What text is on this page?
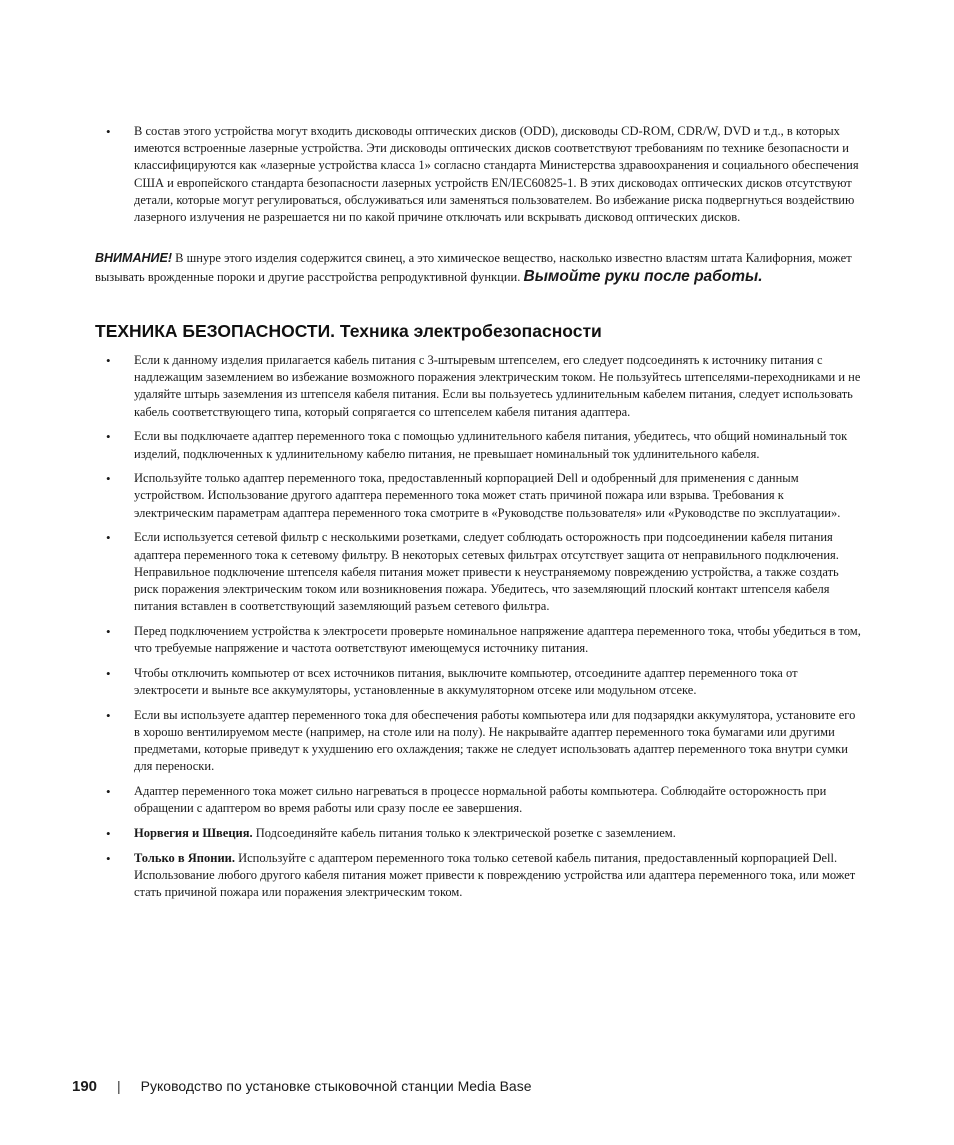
• В состав этого устройства могут входить дисководы оптических дисков (ODD), дисководы CD-ROM, CDR/W, DVD и т.д., в которых имеются встроенные лазерные устройства. Эти дисководы оптических дисков соответствуют требованиям по технике безопасности и классифицируются как «лазерные устройства класса 1» согласно стандарта Министерства здравоохранения и социального обеспечения США и европейского стандарта безопасности лазерных устройств EN/IEC60825-1. В этих дисководах оптических дисков отсутствуют детали, которые могут регулироваться, обслуживаться или заменяться пользователем. Во избежание риска подвергнуться воздействию лазерного излучения не разрешается ни по какой причине отключать или вскрывать дисковод оптических дисков.
ВНИМАНИЕ! В шнуре этого изделия содержится свинец, а это химическое вещество, насколько известно властям штата Калифорния, может вызывать врожденные пороки и другие расстройства репродуктивной функции. Вымойте руки после работы.
ТЕХНИКА БЕЗОПАСНОСТИ. Техника электробезопасности
• Если к данному изделия прилагается кабель питания с 3-штыревым штепселем, его следует подсоединять к источнику питания с надлежащим заземлением во избежание возможного поражения электрическим током. Не пользуйтесь штепселями-переходниками и не удаляйте штырь заземления из штепселя кабеля питания. Если вы пользуетесь удлинительным кабелем питания, следует использовать кабель соответствующего типа, который сопрягается со штепселем кабеля питания адаптера.
• Если вы подключаете адаптер переменного тока с помощью удлинительного кабеля питания, убедитесь, что общий номинальный ток изделий, подключенных к удлинительному кабелю питания, не превышает номинальный ток удлинительного кабеля.
• Используйте только адаптер переменного тока, предоставленный корпорацией Dell и одобренный для применения с данным устройством. Использование другого адаптера переменного тока может стать причиной пожара или взрыва. Требования к электрическим параметрам адаптера переменного тока смотрите в «Руководстве пользователя» или «Руководстве по эксплуатации».
• Если используется сетевой фильтр с несколькими розетками, следует соблюдать осторожность при подсоединении кабеля питания адаптера переменного тока к сетевому фильтру. В некоторых сетевых фильтрах отсутствует защита от неправильного подключения. Неправильное подключение штепселя кабеля питания может привести к неустраняемому повреждению устройства, а также создать риск поражения электрическим током или возникновения пожара. Убедитесь, что заземляющий плоский контакт штепселя кабеля питания вставлен в соответствующий заземляющий разъем сетевого фильтра.
• Перед подключением устройства к электросети проверьте номинальное напряжение адаптера переменного тока, чтобы убедиться в том, что требуемые напряжение и частота оответствуют имеющемуся источнику питания.
• Чтобы отключить компьютер от всех источников питания, выключите компьютер, отсоедините адаптер переменного тока от электросети и выньте все аккумуляторы, установленные в аккумуляторном отсеке или модульном отсеке.
• Если вы используете адаптер переменного тока для обеспечения работы компьютера или для подзарядки аккумулятора, установите его в хорошо вентилируемом месте (например, на столе или на полу). Не накрывайте адаптер переменного тока бумагами или другими предметами, которые приведут к ухудшению его охлаждения; также не следует использовать адаптер переменного тока внутри сумки для переноски.
• Адаптер переменного тока может сильно нагреваться в процессе нормальной работы компьютера. Соблюдайте осторожность при обращении с адаптером во время работы или сразу после ее завершения.
• Норвегия и Швеция. Подсоединяйте кабель питания только к электрической розетке с заземлением.
• Только в Японии. Используйте с адаптером переменного тока только сетевой кабель питания, предоставленный корпорацией Dell. Использование любого другого кабеля питания может привести к повреждению устройства или адаптера переменного тока, или может стать причиной пожара или поражения электрическим током.
190 | Руководство по установке стыковочной станции Media Base
